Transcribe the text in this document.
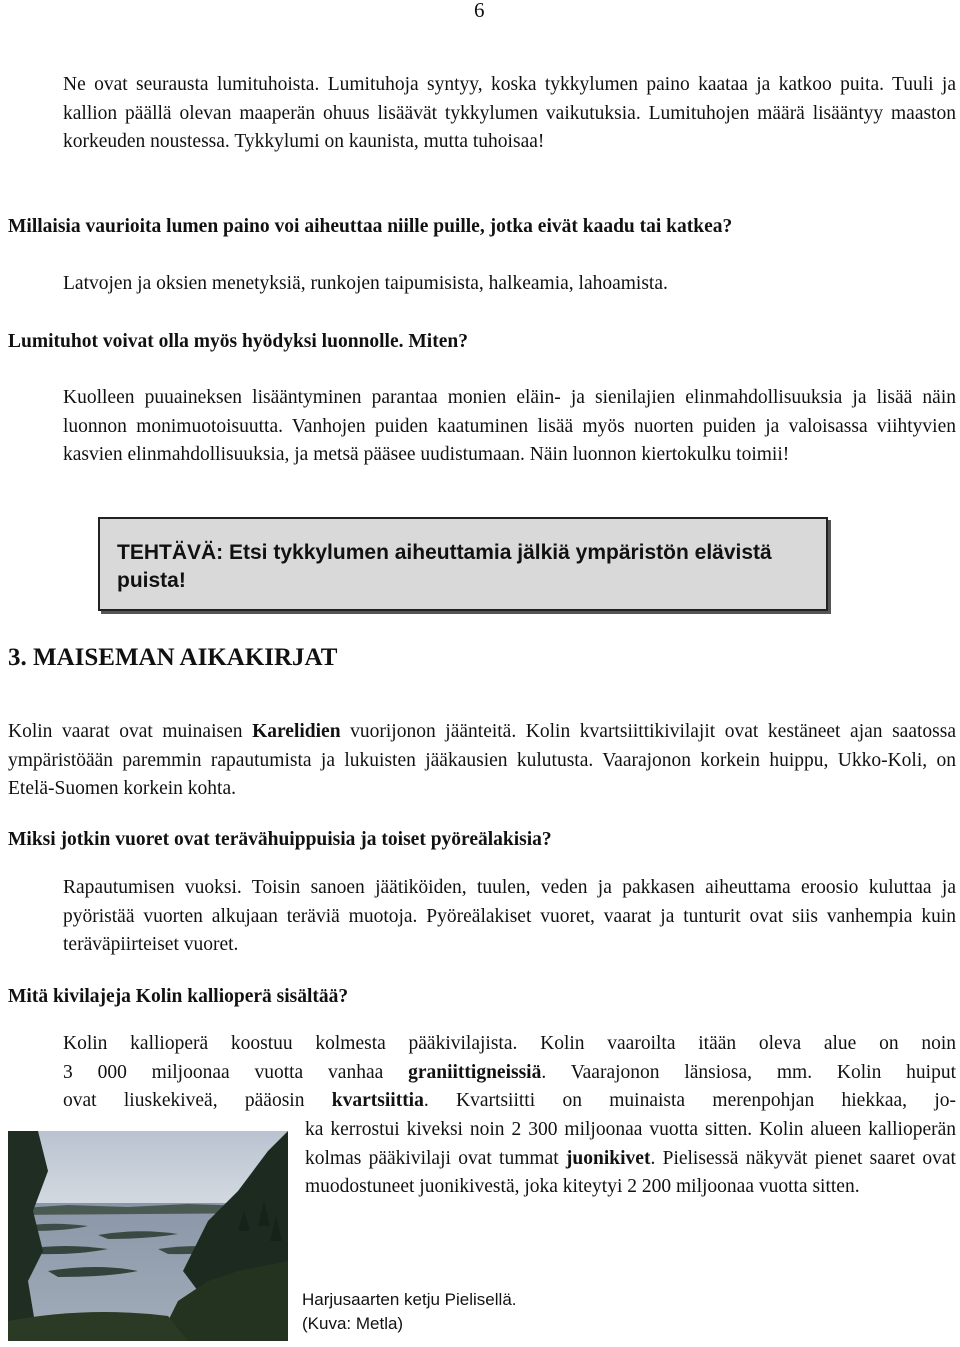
6

Ne ovat seurausta lumituhoista. Lumituhoja syntyy, koska tykkylumen paino kaataa ja katkoo puita. Tuuli ja kallion päällä olevan maaperän ohuus lisäävät tykkylumen vaikutuksia. Lumituhojen määrä lisääntyy maaston korkeuden noustessa. Tykkylumi on kaunista, mutta tuhoisaa!

Millaisia vaurioita lumen paino voi aiheuttaa niille puille, jotka eivät kaadu tai katkea?

Latvojen ja oksien menetyksiä, runkojen taipumisista, halkeamia, lahoamista.

Lumituhot voivat olla myös hyödyksi luonnolle. Miten?

Kuolleen puuaineksen lisääntyminen parantaa monien eläin- ja sienilajien elinmahdollisuuksia ja lisää näin luonnon monimuotoisuutta. Vanhojen puiden kaatuminen lisää myös nuorten puiden ja valoisassa viihtyvien kasvien elinmahdollisuuksia, ja metsä pääsee uudistumaan. Näin luonnon kiertokulku toimii!

TEHTÄVÄ: Etsi tykkylumen aiheuttamia jälkiä ympäristön elävistä puista!
3. MAISEMAN AIKAKIRJAT

Kolin vaarat ovat muinaisen Karelidien vuorijonon jäänteitä. Kolin kvartsiittikivilajit ovat kestäneet ajan saatossa ympäristöään paremmin rapautumista ja lukuisten jääkausien kulutusta. Vaarajonon korkein huippu, Ukko-Koli, on Etelä-Suomen korkein kohta.

Miksi jotkin vuoret ovat terävähuippuisia ja toiset pyöreälakisia?

Rapautumisen vuoksi. Toisin sanoen jäätiköiden, tuulen, veden ja pakkasen aiheuttama eroosio kuluttaa ja pyöristää vuorten alkujaan teräviä muotoja. Pyöreälakiset vuoret, vaarat ja tunturit ovat siis vanhempia kuin teräväpiirteiset vuoret.

Mitä kivilajeja Kolin kallioperä sisältää?

Kolin kallioperä koostuu kolmesta pääkivilajista. Kolin vaaroilta itään oleva alue on noin
3 000 miljoonaa vuotta vanhaa graniittigneissiä. Vaarajonon länsiosa, mm. Kolin huiput
ovat liuskekiveä, pääosin kvartsiittia. Kvartsiitti on muinaista merenpohjan hiekkaa, jo-

ka kerrostui kiveksi noin 2 300 miljoonaa vuotta sitten. Kolin alueen kallioperän kolmas pääkivilaji ovat tummat juonikivet. Pielisessä näkyvät pienet saaret ovat muodostuneet juonikivestä, joka kiteytyi 2 200 miljoonaa vuotta sitten.

Harjusaarten ketju Pielisellä.
(Kuva: Metla)
